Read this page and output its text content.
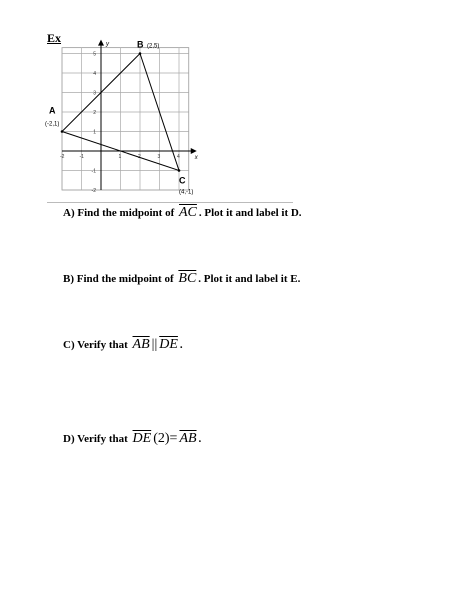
Ex
x
y
-2	-1	1	2	3	4
5
4
3
2
1
-1
-2
A
(-2,1)
B (2,5)
C
(4,-1)
A) Find the midpoint of $\overline{AC}$ . Plot it and label it D.
B) Find the midpoint of $\overline{BC}$ . Plot it and label it E.
C) Verify that $\overline{AB}$ || $\overline{DE}$ .
D) Verify that $\overline{DE}$ $(2)= \overline{AB}$ .
